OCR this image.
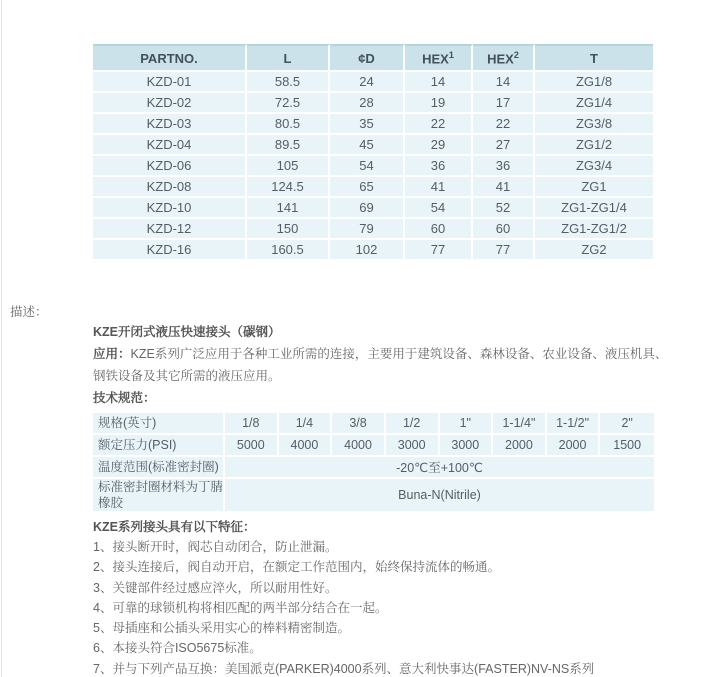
描述：
PARTNO.	L	¢D	HEX$^1$	HEX$^2$	T
KZD-01	58.5	24	14	14	ZG1/8
KZD-02	72.5	28	19	17	ZG1/4
KZD-03	80.5	35	22	22	ZG3/8
KZD-04	89.5	45	29	27	ZG1/2
KZD-06	105	54	36	36	ZG3/4
KZD-08	124.5	65	41	41	ZG1
KZD-10	141	69	54	52	ZG1-ZG1/4
KZD-12	150	79	60	60	ZG1-ZG1/2
KZD-16	160.5	102	77	77	ZG2
KZE开闭式液压快速接头（碳钢）
应用：KZE系列广泛应用于各种工业所需的连接，主要用于建筑设备、森林设备、农业设备、液压机具、钢铁设备及其它所需的液压应用。
技术规范：
规格(英寸)	1/8	1/4	3/8	1/2	1"	1-1/4"	1-1/2"	2"
额定压力(PSI)	5000	4000	4000	3000	3000	2000	2000	1500
温度范围(标准密封圈)	-20℃至+100℃							
标准密封圈材料为丁腈橡胶	Buna-N(Nitrile)							
KZE系列接头具有以下特征：
1、接头断开时，阀芯自动闭合，防止泄漏。
2、接头连接后，阀自动开启，在额定工作范围内，始终保持流体的畅通。
3、关键部件经过感应淬火，所以耐用性好。
4、可靠的球锁机构将相匹配的两半部分结合在一起。
5、母插座和公插头采用实心的棒料精密制造。
6、本接头符合ISO5675标准。
7、并与下列产品互换：美国派克(PARKER)4000系列、意大利快事达(FASTER)NV-NS系列
